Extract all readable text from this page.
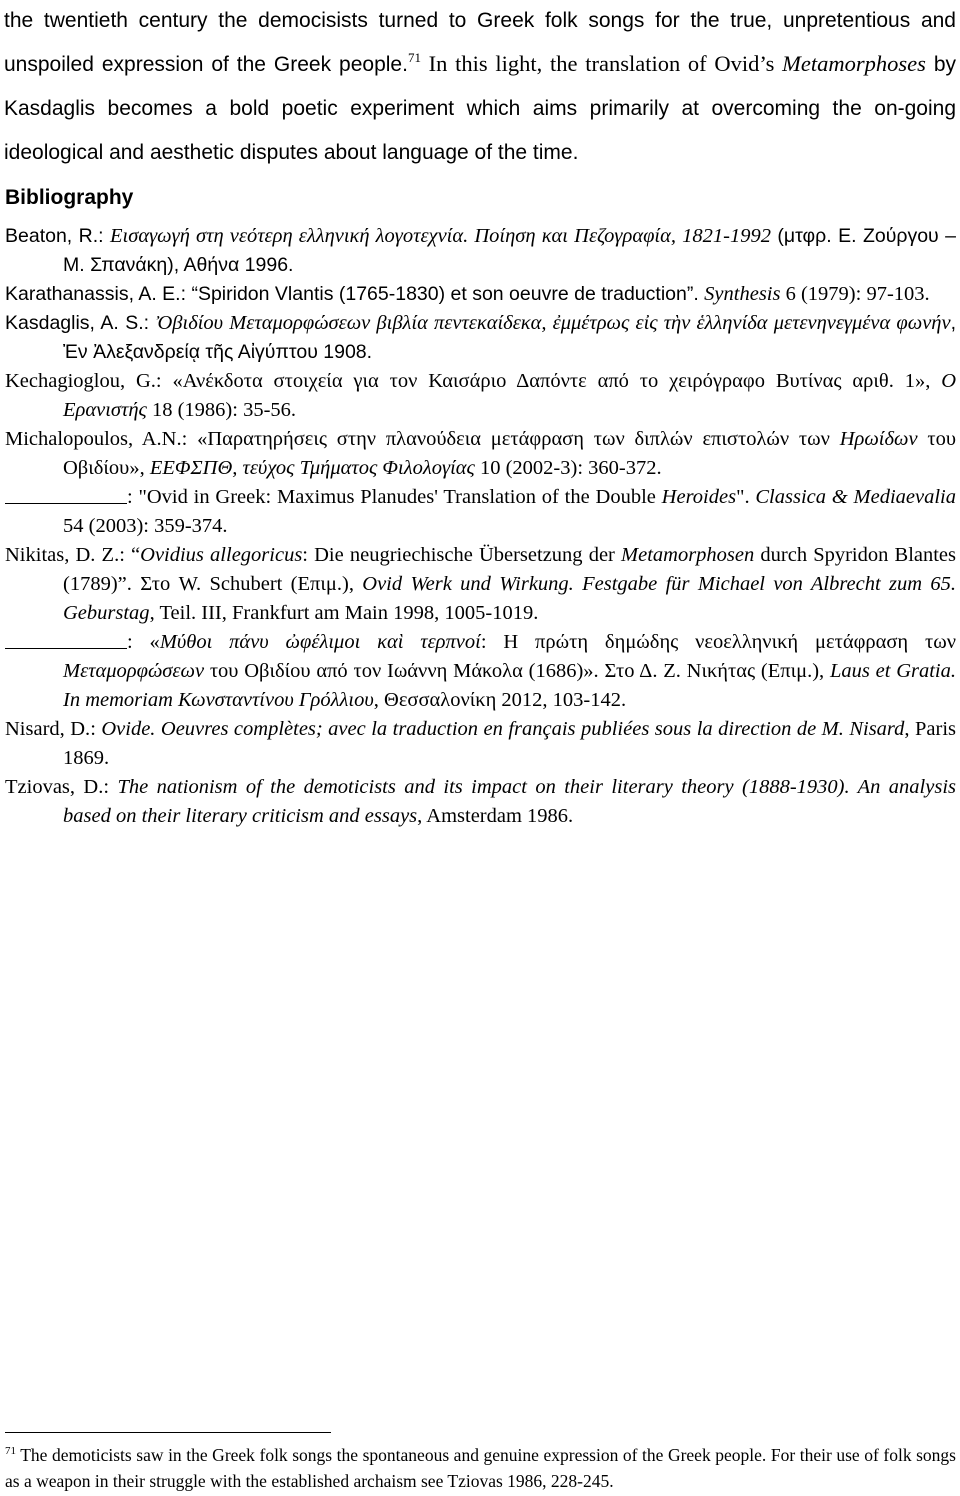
the twentieth century the democisists turned to Greek folk songs for the true, unpretentious and unspoiled expression of the Greek people.$^{71}$ In this light, the translation of Ovid’s Metamorphoses by Kasdaglis becomes a bold poetic experiment which aims primarily at overcoming the on-going ideological and aesthetic disputes about language of the time.

Bibliography
Beaton, R.: Εισαγωγή στη νεότερη ελληνική λογοτεχνία. Ποίηση και Πεζογραφία, 1821-1992 (μτφρ. Ε. Ζούργου – Μ. Σπανάκη), Αθήνα 1996.
Karathanassis, A. E.: “Spiridon Vlantis (1765-1830) et son oeuvre de traduction”. Synthesis 6 (1979): 97-103.
Kasdaglis, A. S.: Ὀβιδίου Μεταμορφώσεων βιβλία πεντεκαίδεκα, ἐμμέτρως εἰς τὴν ἑλληνίδα μετενηνεγμένα φωνήν, Ἐν Ἀλεξανδρείᾳ τῆς Αἰγύπτου 1908.
Kechagioglou, G.: «Ανέκδοτα στοιχεία για τον Καισάριο Δαπόντε από το χειρόγραφο Βυτίνας αριθ. 1», Ο Ερανιστής 18 (1986): 35-56.
Michalopoulos, A.N.: «Παρατηρήσεις στην πλανούδεια μετάφραση των διπλών επιστολών των Ηρωίδων του Οβιδίου», ΕΕΦΣΠΘ, τεύχος Τμήματος Φιλολογίας 10 (2002-3): 360-372.
: "Ovid in Greek: Maximus Planudes' Translation of the Double Heroides". Classica & Mediaevalia 54 (2003): 359-374.
Nikitas, D. Z.: “Ovidius allegoricus: Die neugriechische Übersetzung der Metamorphosen durch Spyridon Blantes (1789)”. Στο W. Schubert (Επιμ.), Ovid Werk und Wirkung. Festgabe für Michael von Albrecht zum 65. Geburstag, Teil. III, Frankfurt am Main 1998, 1005-1019.
: «Μύθοι πάνυ ὠφέλιμοι καὶ τερπνοί: Η πρώτη δημώδης νεοελληνική μετάφραση των Μεταμορφώσεων του Οβιδίου από τον Ιωάννη Μάκολα (1686)». Στο Δ. Ζ. Νικήτας (Επιμ.), Laus et Gratia. In memoriam Κωνσταντίνου Γρόλλιου, Θεσσαλονίκη 2012, 103-142.
Nisard, D.: Ovide. Oeuvres complètes; avec la traduction en français publiées sous la direction de M. Nisard, Paris 1869.
Tziovas, D.: The nationism of the demoticists and its impact on their literary theory (1888-1930). An analysis based on their literary criticism and essays, Amsterdam 1986.

$^{71}$ The demoticists saw in the Greek folk songs the spontaneous and genuine expression of the Greek people. For their use of folk songs as a weapon in their struggle with the established archaism see Tziovas 1986, 228-245.
